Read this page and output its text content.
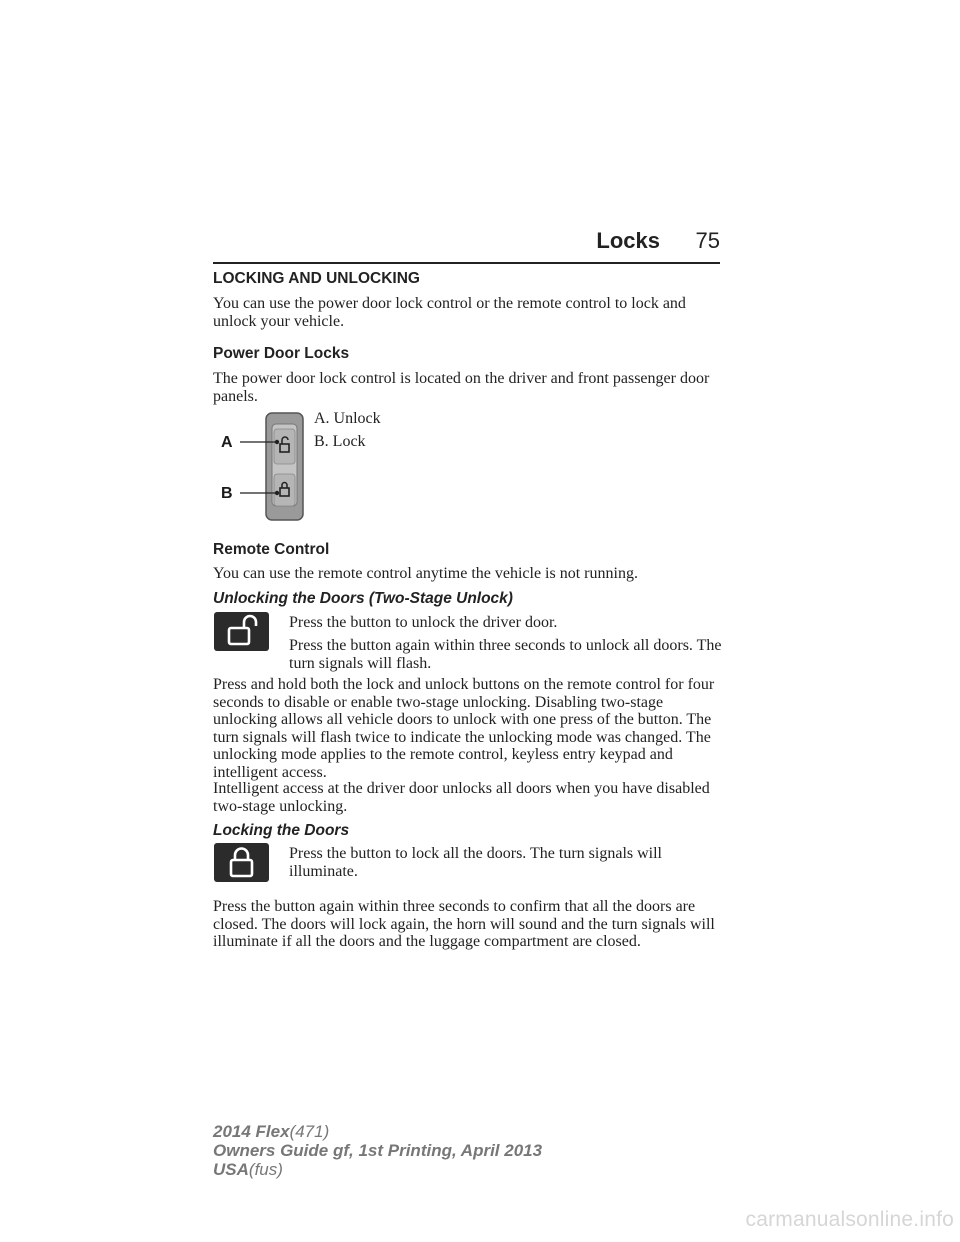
Locks 75
LOCKING AND UNLOCKING
You can use the power door lock control or the remote control to lock and unlock your vehicle.
Power Door Locks
The power door lock control is located on the driver and front passenger door panels.
A
B
A. Unlock
B. Lock
Remote Control
You can use the remote control anytime the vehicle is not running.
Unlocking the Doors (Two-Stage Unlock)
Press the button to unlock the driver door.
Press the button again within three seconds to unlock all doors. The turn signals will flash.
Press and hold both the lock and unlock buttons on the remote control for four seconds to disable or enable two-stage unlocking. Disabling two-stage unlocking allows all vehicle doors to unlock with one press of the button. The turn signals will flash twice to indicate the unlocking mode was changed. The unlocking mode applies to the remote control, keyless entry keypad and intelligent access.
Intelligent access at the driver door unlocks all doors when you have disabled two-stage unlocking.
Locking the Doors
Press the button to lock all the doors. The turn signals will illuminate.
Press the button again within three seconds to confirm that all the doors are closed. The doors will lock again, the horn will sound and the turn signals will illuminate if all the doors and the luggage compartment are closed.
2014 Flex(471)
Owners Guide gf, 1st Printing, April 2013
USA(fus)
carmanualsonline.info
